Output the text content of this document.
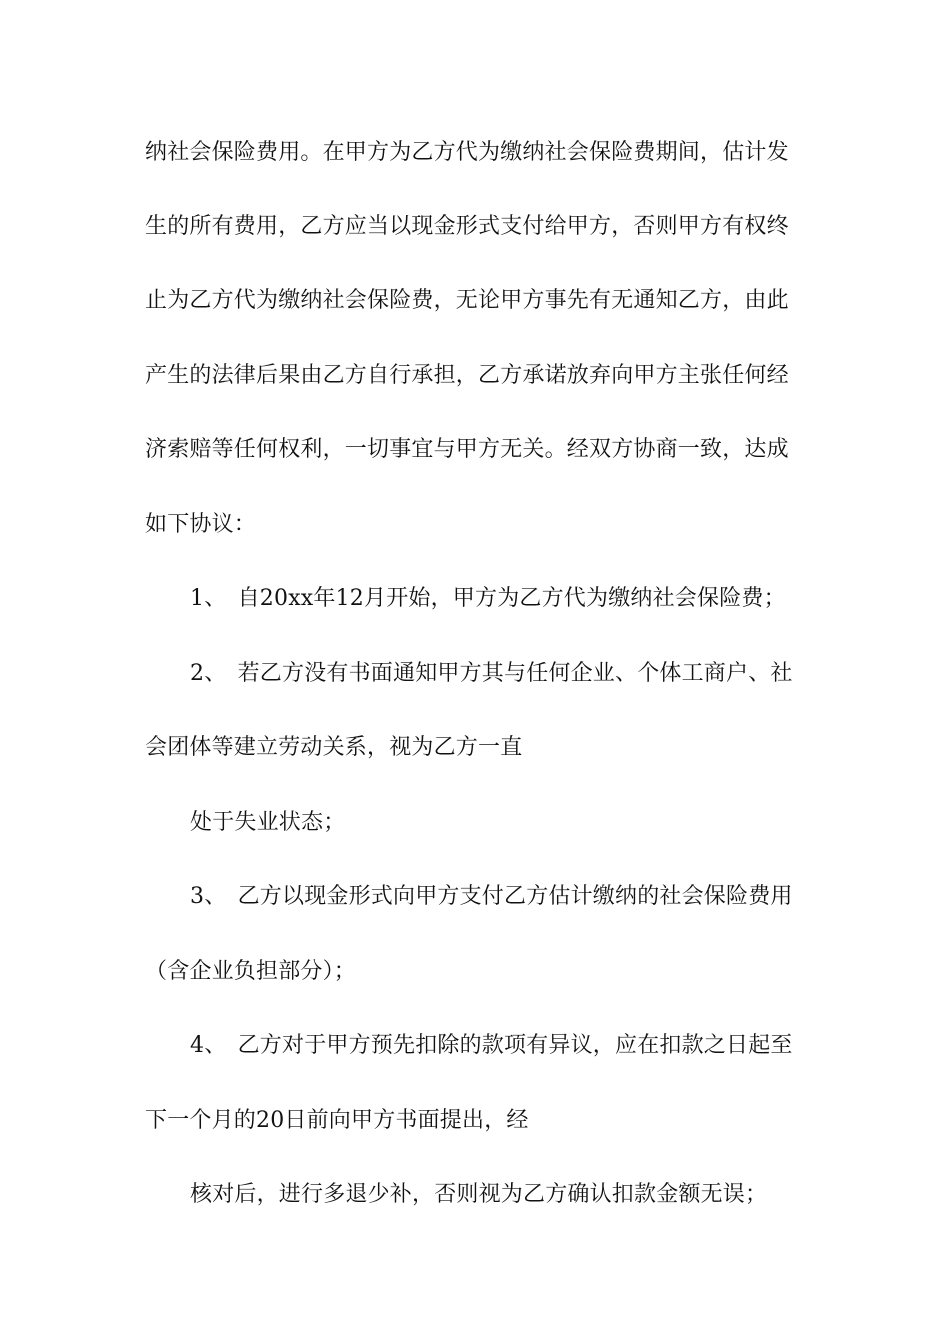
纳社会保险费用。在甲方为乙方代为缴纳社会保险费期间，估计发
生的所有费用，乙方应当以现金形式支付给甲方，否则甲方有权终
止为乙方代为缴纳社会保险费，无论甲方事先有无通知乙方，由此
产生的法律后果由乙方自行承担，乙方承诺放弃向甲方主张任何经
济索赔等任何权利，一切事宜与甲方无关。经双方协商一致，达成
如下协议：
1、　自20xx年12月开始，甲方为乙方代为缴纳社会保险费；
2、　若乙方没有书面通知甲方其与任何企业、个体工商户、社
会团体等建立劳动关系，视为乙方一直
处于失业状态；
3、　乙方以现金形式向甲方支付乙方估计缴纳的社会保险费用
（含企业负担部分）；
4、　乙方对于甲方预先扣除的款项有异议，应在扣款之日起至
下一个月的20日前向甲方书面提出，经
核对后，进行多退少补，否则视为乙方确认扣款金额无误；
